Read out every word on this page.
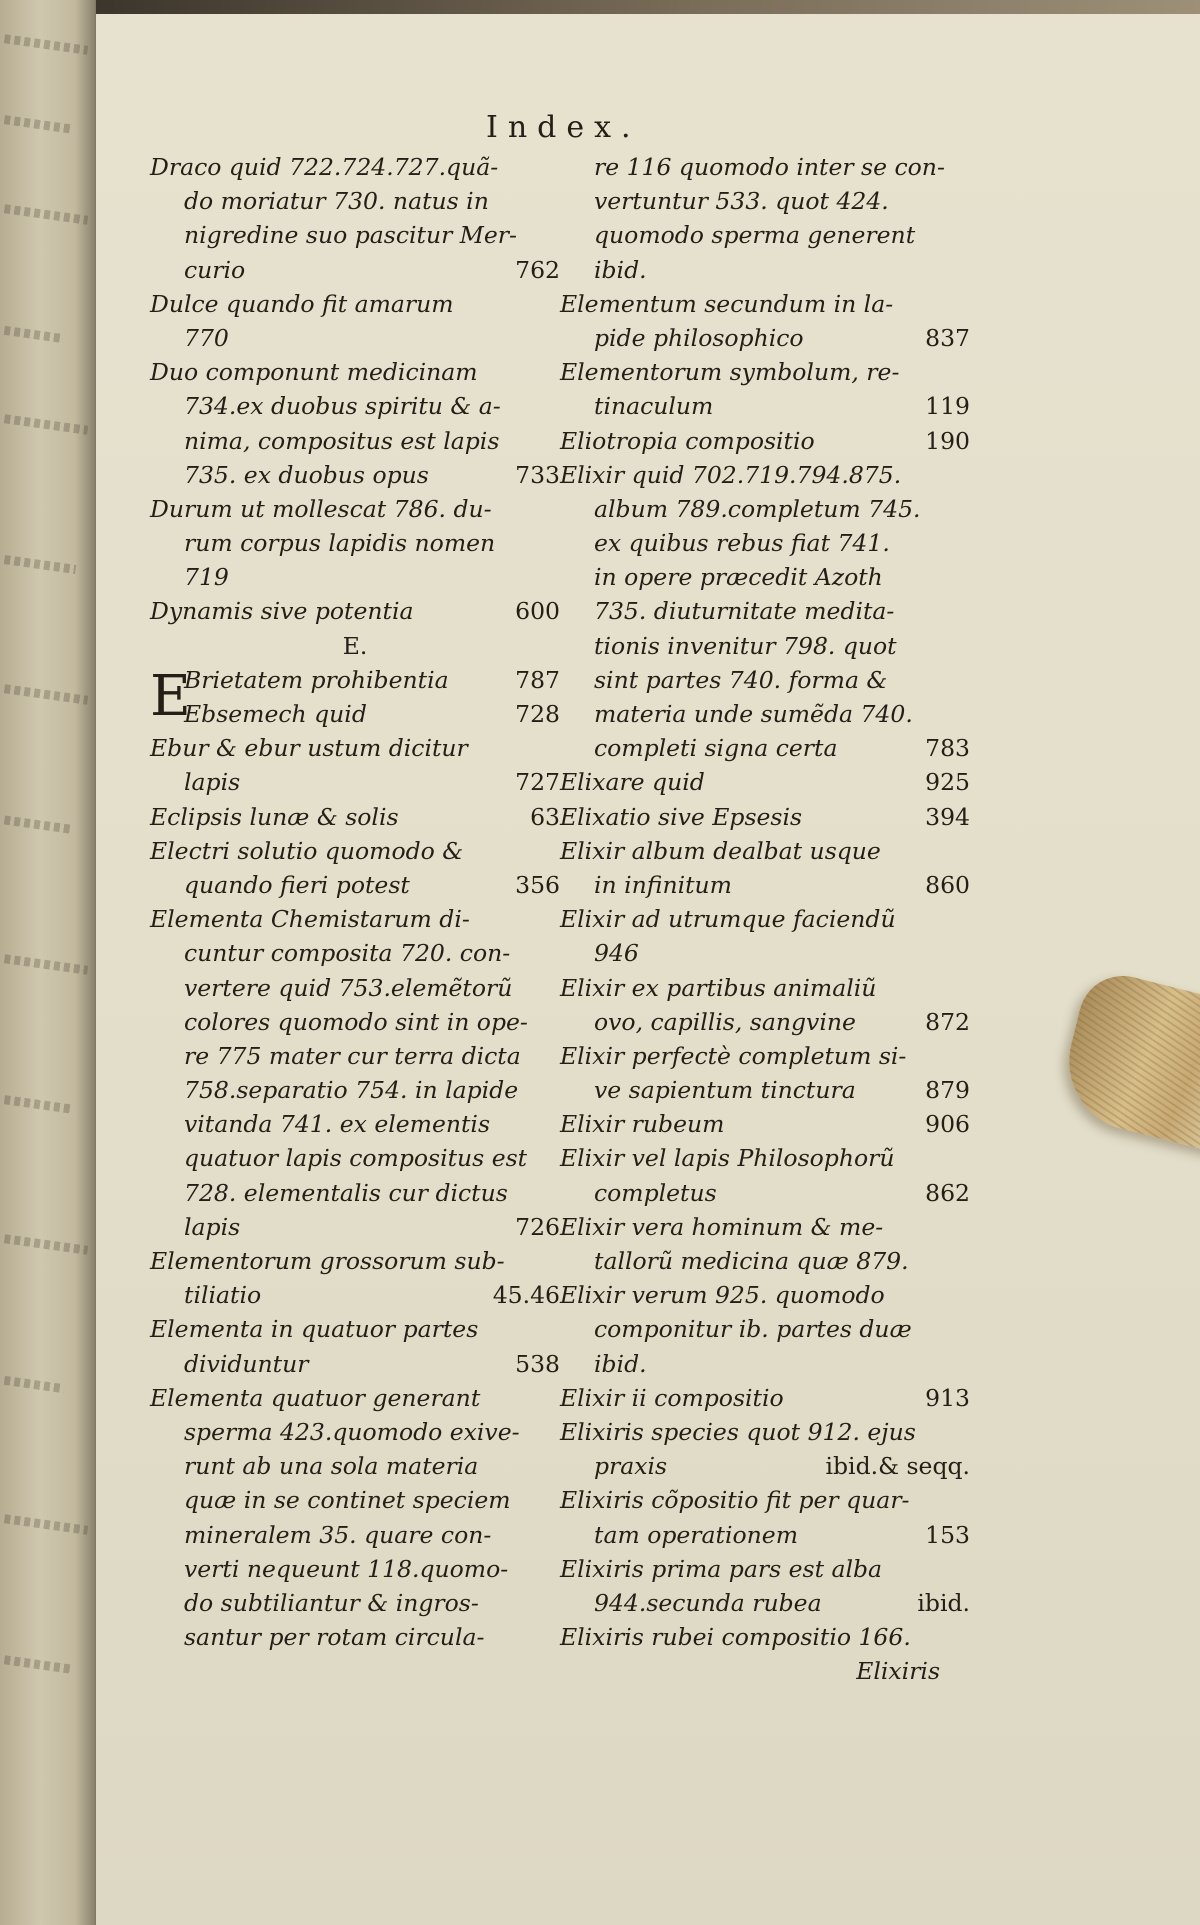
Index.
Draco quid 722.724.727.quã-
do moriatur 730. natus in
nigredine suo pascitur Mer-
curio	762
Dulce quando fit amarum
770
Duo componunt medicinam
734.ex duobus spiritu & a-
nima, compositus est lapis
735. ex duobus opus	733
Durum ut mollescat 786. du-
rum corpus lapidis nomen
719
Dynamis sive potentia	600
E.
E
Brietatem prohibentia	787
Ebsemech quid	728
Ebur & ebur ustum dicitur
lapis	727
Eclipsis lunæ & solis	63
Electri solutio quomodo &
quando fieri potest	356
Elementa Chemistarum di-
cuntur composita 720. con-
vertere quid 753.elemẽtorũ
colores quomodo sint in ope-
re 775 mater cur terra dicta
758.separatio 754. in lapide
vitanda 741. ex elementis
quatuor lapis compositus est
728. elementalis cur dictus
lapis	726
Elementorum grossorum sub-
tiliatio	45.46
Elementa in quatuor partes
dividuntur	538
Elementa quatuor generant
sperma 423.quomodo exive-
runt ab una sola materia
quæ in se continet speciem
mineralem 35. quare con-
verti nequeunt 118.quomo-
do subtiliantur & ingros-
santur per rotam circula-
re 116 quomodo inter se con-
vertuntur 533. quot 424.
quomodo sperma generent
ibid.
Elementum secundum in la-
pide philosophico	837
Elementorum symbolum, re-
tinaculum	119
Eliotropia compositio	190
Elixir quid 702.719.794.875.
album 789.completum 745.
ex quibus rebus fiat 741.
in opere præcedit Azoth
735. diuturnitate medita-
tionis invenitur 798. quot
sint partes 740. forma &
materia unde sumẽda 740.
completi signa certa	783
Elixare quid	925
Elixatio sive Epsesis	394
Elixir album dealbat usque
in infinitum	860
Elixir ad utrumque faciendũ
946
Elixir ex partibus animaliũ
ovo, capillis, sangvine	872
Elixir perfectè completum si-
ve sapientum tinctura	879
Elixir rubeum	906
Elixir vel lapis Philosophorũ
completus	862
Elixir vera hominum & me-
tallorũ medicina quæ 879.
Elixir verum 925. quomodo
componitur ib. partes duæ
ibid.
Elixir ii compositio	913
Elixiris species quot 912. ejus
praxis	ibid.& seqq.
Elixiris cõpositio fit per quar-
tam operationem	153
Elixiris prima pars est alba
944.secunda rubea	ibid.
Elixiris rubei compositio 166.
Elixiris
